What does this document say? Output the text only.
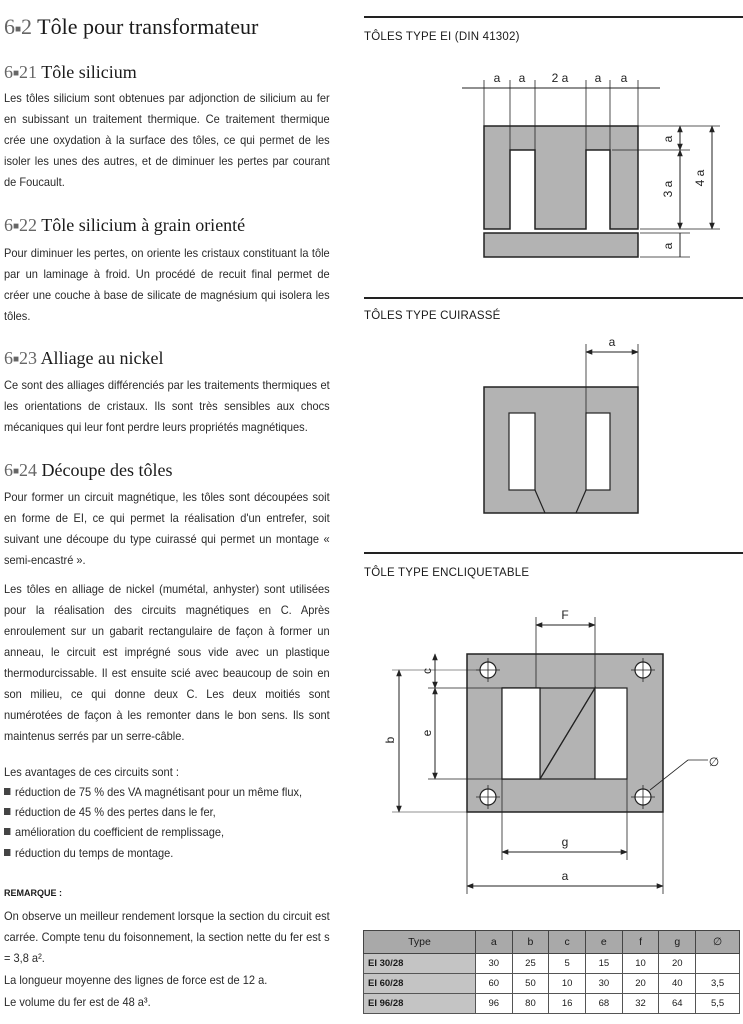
6■2 Tôle pour transformateur
6■21 Tôle silicium
Les tôles silicium sont obtenues par adjonction de silicium au fer en subissant un traitement thermique. Ce traitement thermique crée une oxydation à la surface des tôles, ce qui permet de les isoler les unes des autres, et de diminuer les pertes par courant de Foucault.
6■22 Tôle silicium à grain orienté
Pour diminuer les pertes, on oriente les cristaux constituant la tôle par un laminage à froid. Un procédé de recuit final permet de créer une couche à base de silicate de magnésium qui isolera les tôles.
6■23 Alliage au nickel
Ce sont des alliages différenciés par les traitements thermiques et les orientations de cristaux. Ils sont très sensibles aux chocs mécaniques qui leur font perdre leurs propriétés magnétiques.
6■24 Découpe des tôles
Pour former un circuit magnétique, les tôles sont découpées soit en forme de EI, ce qui permet la réalisation d'un entrefer, soit suivant une découpe du type cuirassé qui permet un montage « semi-encastré ».
Les tôles en alliage de nickel (mumétal, anhyster) sont utilisées pour la réalisation des circuits magnétiques en C. Après enroulement sur un gabarit rectangulaire de façon à former un anneau, le circuit est imprégné sous vide avec un plastique thermodurcissable. Il est ensuite scié avec beaucoup de soin en son milieu, ce qui donne deux C. Les deux moitiés sont numérotées de façon à les remonter dans le bon sens. Ils sont maintenus serrés par un serre-câble.
Les avantages de ces circuits sont :
réduction de 75 % des VA magnétisant pour un même flux,
réduction de 45 % des pertes dans le fer,
amélioration du coefficient de remplissage,
réduction du temps de montage.
REMARQUE :
On observe un meilleur rendement lorsque la section du circuit est carrée. Compte tenu du foisonnement, la section nette du fer est s = 3,8 a².
La longueur moyenne des lignes de force est de 12 a.
Le volume du fer est de 48 a³.
TÔLES TYPE EI (DIN 41302)
TÔLES TYPE CUIRASSÉ
TÔLE TYPE ENCLIQUETABLE
a a 2 a a a
a
3 a
4 a
a
a
F
c
e
b
g
a
∅
Type	a	b	c	e	f	g	∅
EI 30/28	30	25	5	15	10	20	
EI 60/28	60	50	10	30	20	40	3,5
EI 96/28	96	80	16	68	32	64	5,5
